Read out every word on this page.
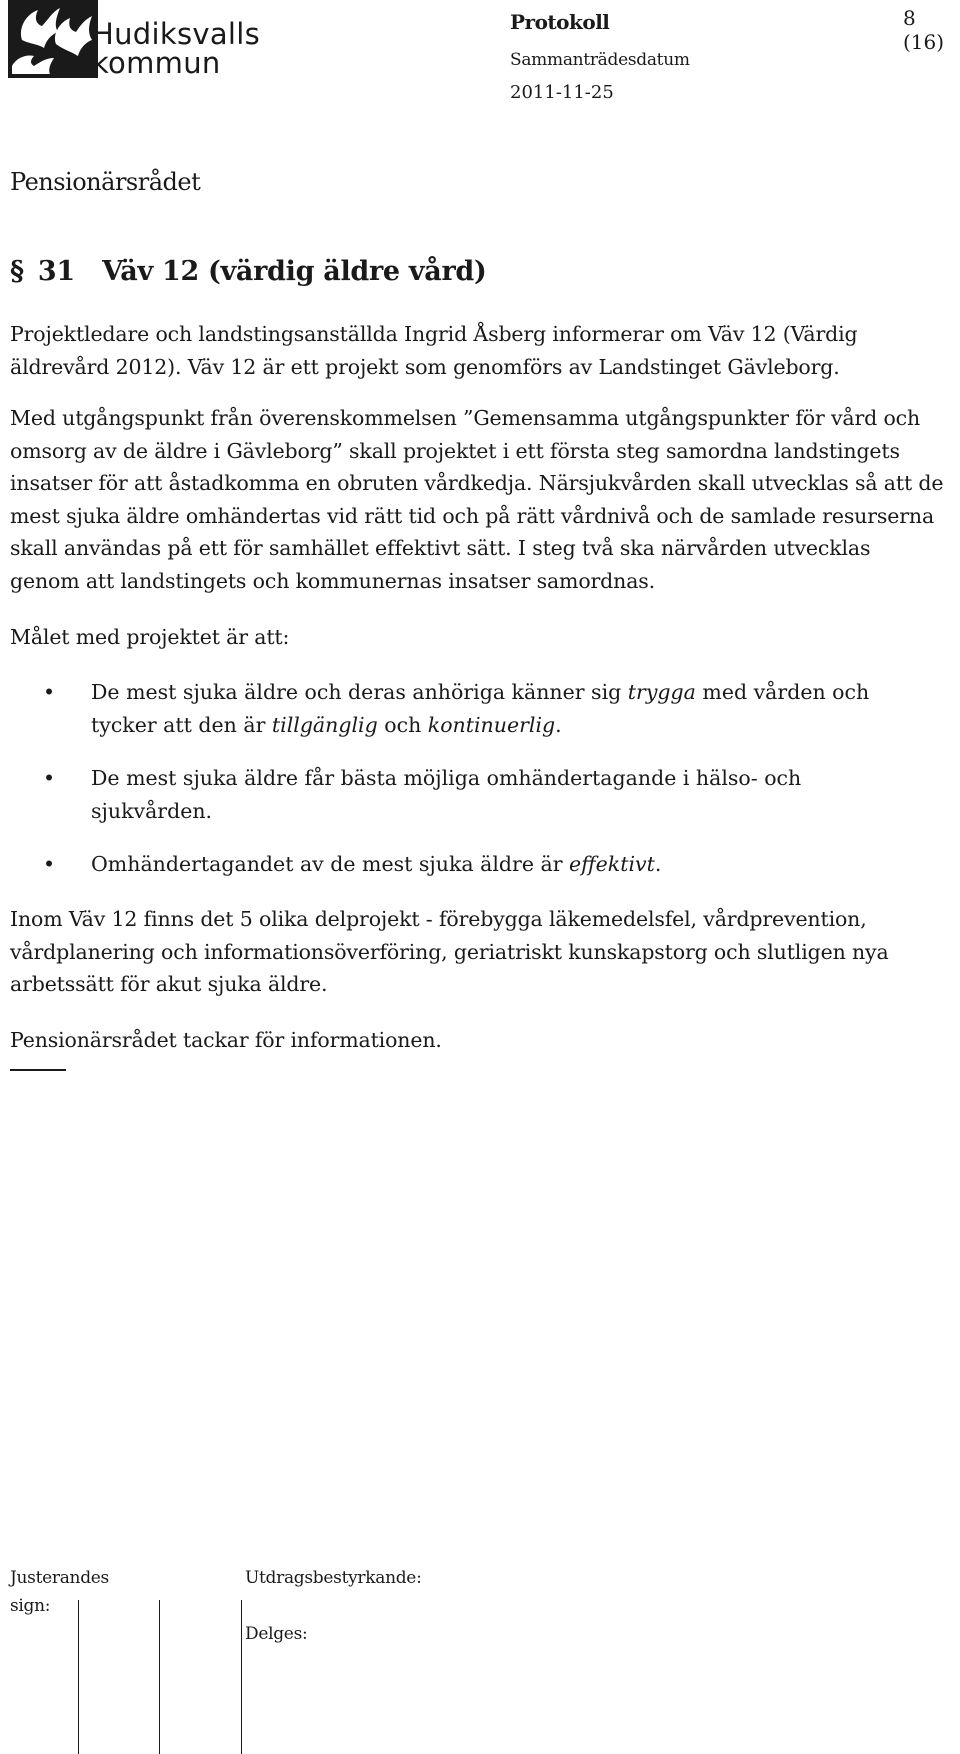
Hudiksvalls
kommun
Protokoll	8 (16)
Sammanträdesdatum
2011-11-25
Pensionärsrådet
§ 31 Väv 12 (värdig äldre vård)
Projektledare och landstingsanställda Ingrid Åsberg informerar om Väv 12 (Värdig äldrevård 2012). Väv 12 är ett projekt som genomförs av Landstinget Gävleborg.
Med utgångspunkt från överenskommelsen ”Gemensamma utgångspunkter för vård och omsorg av de äldre i Gävleborg” skall projektet i ett första steg samordna landstingets insatser för att åstadkomma en obruten vårdkedja. Närsjukvården skall utvecklas så att de mest sjuka äldre omhändertas vid rätt tid och på rätt vårdnivå och de samlade resurserna skall användas på ett för samhället effektivt sätt. I steg två ska närvården utvecklas genom att landstingets och kommunernas insatser samordnas.
Målet med projektet är att:
• De mest sjuka äldre och deras anhöriga känner sig trygga med vården och tycker att den är tillgänglig och kontinuerlig.
• De mest sjuka äldre får bästa möjliga omhändertagande i hälso- och sjukvården.
• Omhändertagandet av de mest sjuka äldre är effektivt.
Inom Väv 12 finns det 5 olika delprojekt - förebygga läkemedelsfel, vårdprevention, vårdplanering och informationsöverföring, geriatriskt kunskapstorg och slutligen nya arbetssätt för akut sjuka äldre.
Pensionärsrådet tackar för informationen.
Justerandes sign:
Utdragsbestyrkande:
Delges:
